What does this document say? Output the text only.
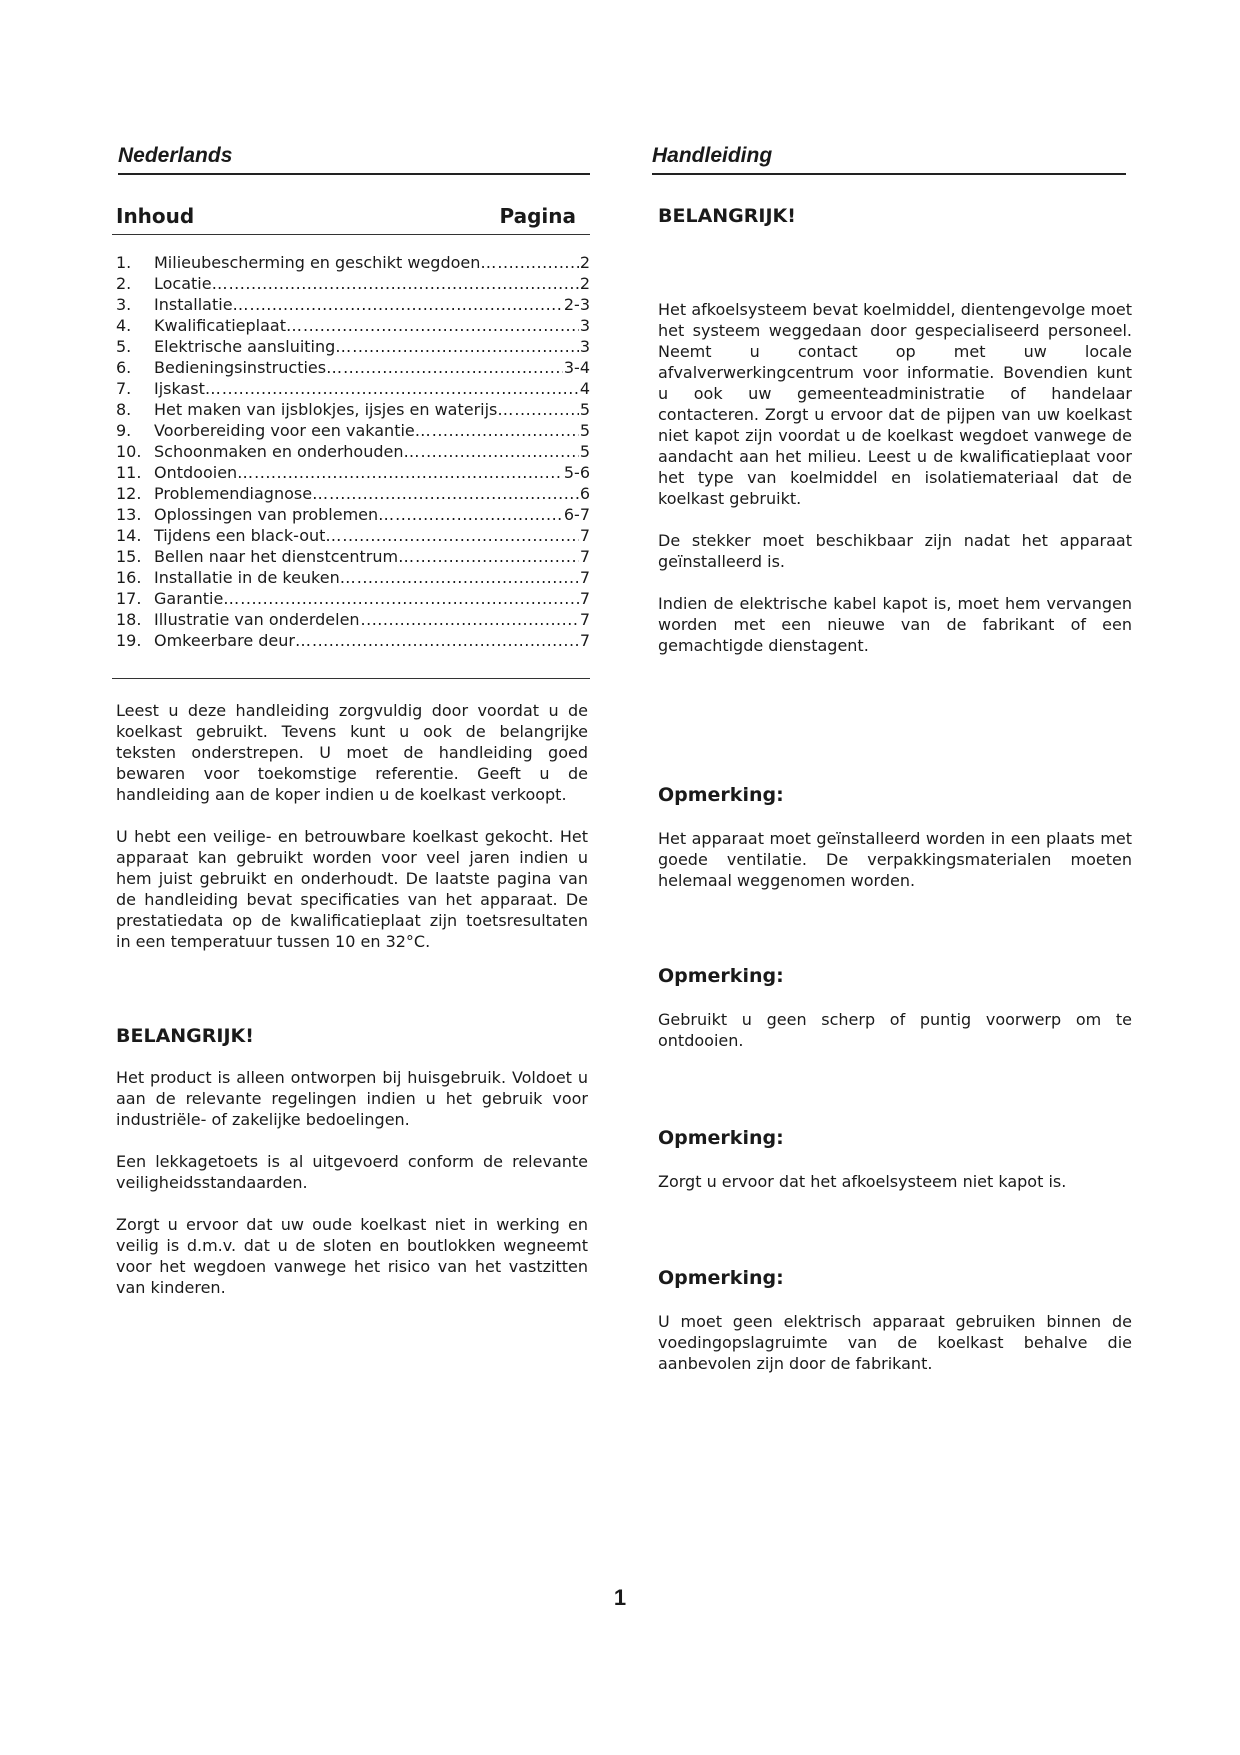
Nederlands	Handleiding
Inhoud	Pagina
1.	Milieubescherming en geschikt wegdoen… .....	2
2.	Locatie… .....	2
3.	Installatie… .....	2-3
4.	Kwalificatieplaat… .....	3
5.	Elektrische aansluiting… .....	3
6.	Bedieningsinstructies… .....	3-4
7.	Ijskast… .....	4
8.	Het maken van ijsblokjes, ijsjes en waterijs… .....	5
9.	Voorbereiding voor een vakantie… .....	5
10. Schoonmaken en onderhouden… .....	5
11. Ontdooien… .....	5-6
12. Problemendiagnose… .....	6
13. Oplossingen van problemen… .....	6-7
14. Tijdens een black-out… .....	7
15. Bellen naar het dienstcentrum… .....	7
16. Installatie in de keuken… .....	7
17. Garantie… .....	7
18. Illustratie van onderdelen .....	7
19. Omkeerbare deur… .....	7

Leest u deze handleiding zorgvuldig door voordat u de koelkast gebruikt. Tevens kunt u ook de belangrijke teksten onderstrepen. U moet de handleiding goed bewaren voor toekomstige referentie. Geeft u de handleiding aan de koper indien u de koelkast verkoopt.

U hebt een veilige- en betrouwbare koelkast gekocht. Het apparaat kan gebruikt worden voor veel jaren indien u hem juist gebruikt en onderhoudt. De laatste pagina van de handleiding bevat specificaties van het apparaat. De prestatiedata op de kwalificatieplaat zijn toetsresultaten in een temperatuur tussen 10 en 32°C.

BELANGRIJK!

Het product is alleen ontworpen bij huisgebruik. Voldoet u aan de relevante regelingen indien u het gebruik voor industriële- of zakelijke bedoelingen.

Een lekkagetoets is al uitgevoerd conform de relevante veiligheidsstandaarden.

Zorgt u ervoor dat uw oude koelkast niet in werking en veilig is d.m.v. dat u de sloten en boutlokken wegneemt voor het wegdoen vanwege het risico van het vastzitten van kinderen.

BELANGRIJK!

Het afkoelsysteem bevat koelmiddel, dientengevolge moet het systeem weggedaan door gespecialiseerd personeel. Neemt u contact op met uw locale afvalverwerkingcentrum voor informatie. Bovendien kunt u ook uw gemeenteadministratie of handelaar contacteren. Zorgt u ervoor dat de pijpen van uw koelkast niet kapot zijn voordat u de koelkast wegdoet vanwege de aandacht aan het milieu. Leest u de kwalificatieplaat voor het type van koelmiddel en isolatiemateriaal dat de koelkast gebruikt.

De stekker moet beschikbaar zijn nadat het apparaat geïnstalleerd is.

Indien de elektrische kabel kapot is, moet hem vervangen worden met een nieuwe van de fabrikant of een gemachtigde dienstagent.

Opmerking:

Het apparaat moet geïnstalleerd worden in een plaats met goede ventilatie. De verpakkingsmaterialen moeten helemaal weggenomen worden.

Opmerking:

Gebruikt u geen scherp of puntig voorwerp om te ontdooien.

Opmerking:

Zorgt u ervoor dat het afkoelsysteem niet kapot is.

Opmerking:

U moet geen elektrisch apparaat gebruiken binnen de voedingopslagruimte van de koelkast behalve die aanbevolen zijn door de fabrikant.

1
